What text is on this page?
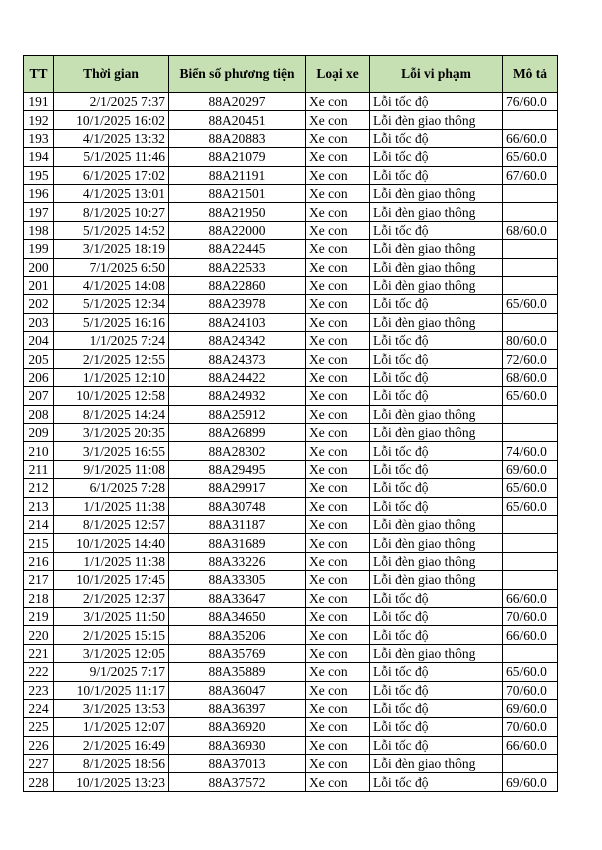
TT	Thời gian	Biển số phương tiện	Loại xe	Lỗi vi phạm	Mô tả
191	2/1/2025 7:37	88A20297	Xe con	Lỗi tốc độ	76/60.0
192	10/1/2025 16:02	88A20451	Xe con	Lỗi đèn giao thông	
193	4/1/2025 13:32	88A20883	Xe con	Lỗi tốc độ	66/60.0
194	5/1/2025 11:46	88A21079	Xe con	Lỗi tốc độ	65/60.0
195	6/1/2025 17:02	88A21191	Xe con	Lỗi tốc độ	67/60.0
196	4/1/2025 13:01	88A21501	Xe con	Lỗi đèn giao thông	
197	8/1/2025 10:27	88A21950	Xe con	Lỗi đèn giao thông	
198	5/1/2025 14:52	88A22000	Xe con	Lỗi tốc độ	68/60.0
199	3/1/2025 18:19	88A22445	Xe con	Lỗi đèn giao thông	
200	7/1/2025 6:50	88A22533	Xe con	Lỗi đèn giao thông	
201	4/1/2025 14:08	88A22860	Xe con	Lỗi đèn giao thông	
202	5/1/2025 12:34	88A23978	Xe con	Lỗi tốc độ	65/60.0
203	5/1/2025 16:16	88A24103	Xe con	Lỗi đèn giao thông	
204	1/1/2025 7:24	88A24342	Xe con	Lỗi tốc độ	80/60.0
205	2/1/2025 12:55	88A24373	Xe con	Lỗi tốc độ	72/60.0
206	1/1/2025 12:10	88A24422	Xe con	Lỗi tốc độ	68/60.0
207	10/1/2025 12:58	88A24932	Xe con	Lỗi tốc độ	65/60.0
208	8/1/2025 14:24	88A25912	Xe con	Lỗi đèn giao thông	
209	3/1/2025 20:35	88A26899	Xe con	Lỗi đèn giao thông	
210	3/1/2025 16:55	88A28302	Xe con	Lỗi tốc độ	74/60.0
211	9/1/2025 11:08	88A29495	Xe con	Lỗi tốc độ	69/60.0
212	6/1/2025 7:28	88A29917	Xe con	Lỗi tốc độ	65/60.0
213	1/1/2025 11:38	88A30748	Xe con	Lỗi tốc độ	65/60.0
214	8/1/2025 12:57	88A31187	Xe con	Lỗi đèn giao thông	
215	10/1/2025 14:40	88A31689	Xe con	Lỗi đèn giao thông	
216	1/1/2025 11:38	88A33226	Xe con	Lỗi đèn giao thông	
217	10/1/2025 17:45	88A33305	Xe con	Lỗi đèn giao thông	
218	2/1/2025 12:37	88A33647	Xe con	Lỗi tốc độ	66/60.0
219	3/1/2025 11:50	88A34650	Xe con	Lỗi tốc độ	70/60.0
220	2/1/2025 15:15	88A35206	Xe con	Lỗi tốc độ	66/60.0
221	3/1/2025 12:05	88A35769	Xe con	Lỗi đèn giao thông	
222	9/1/2025 7:17	88A35889	Xe con	Lỗi tốc độ	65/60.0
223	10/1/2025 11:17	88A36047	Xe con	Lỗi tốc độ	70/60.0
224	3/1/2025 13:53	88A36397	Xe con	Lỗi tốc độ	69/60.0
225	1/1/2025 12:07	88A36920	Xe con	Lỗi tốc độ	70/60.0
226	2/1/2025 16:49	88A36930	Xe con	Lỗi tốc độ	66/60.0
227	8/1/2025 18:56	88A37013	Xe con	Lỗi đèn giao thông	
228	10/1/2025 13:23	88A37572	Xe con	Lỗi tốc độ	69/60.0
